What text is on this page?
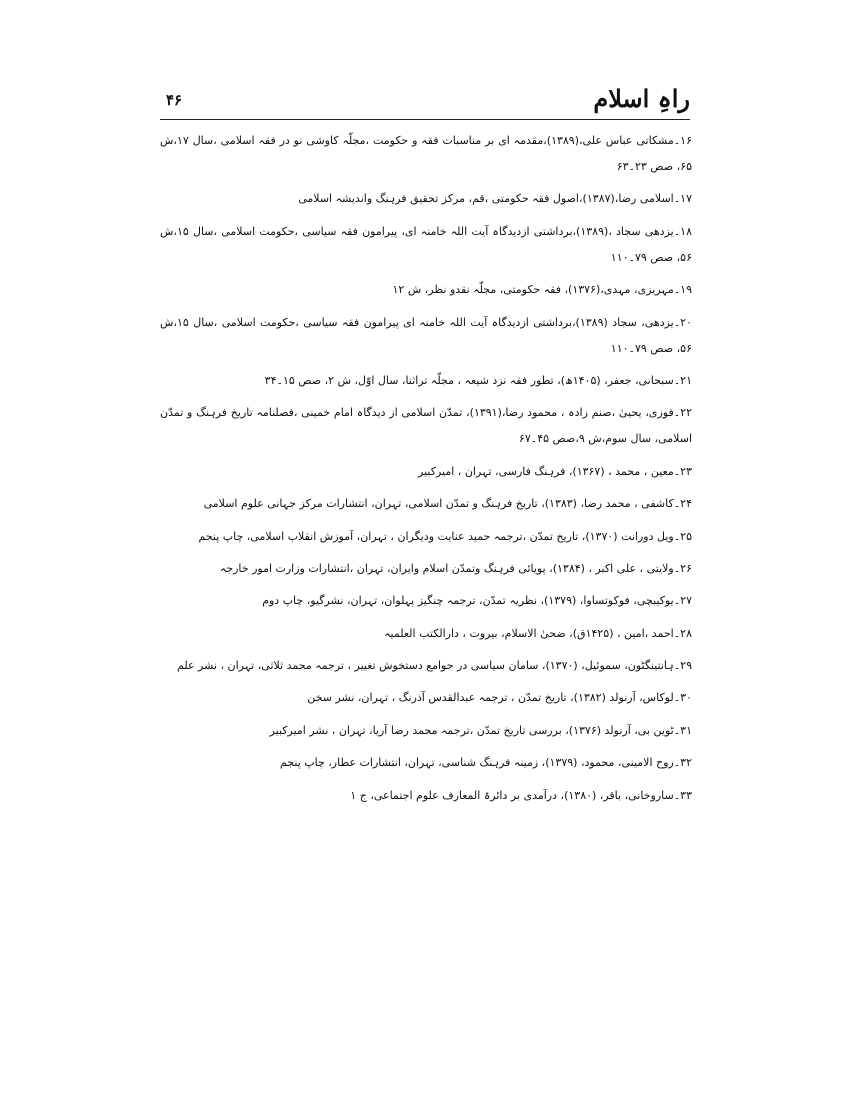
راہِ اسلام
۴۶
۱۶۔مشکاتی عباس علی،(۱۳۸۹)،مقدمہ ای بر مناسبات فقہ و حکومت ،مجلّہ کاوشی نو در فقہ اسلامی ،سال ۱۷،ش ۶۵، صص ۲۳۔۶۳
۱۷۔اسلامی رضا،(۱۳۸۷)،اصول فقہ حکومتی ،قم، مرکز تحقیق فرہنگ واندیشہ اسلامی
۱۸۔یزدھی سجاد ،(۱۳۸۹)،برداشتی ازدیدگاہ آیت اللہ خامنہ ای، پیرامون فقہ سیاسی ،حکومت اسلامی ،سال ۱۵،ش ۵۶، صص ۷۹۔۱۱۰
۱۹۔مہریزی، مہدی،(۱۳۷۶)، فقہ حکومتی، مجلّہ نقدو نظر، ش ۱۲
۲۰۔یزدھی، سجاد (۱۳۸۹)،برداشتی ازدیدگاہ آیت اللہ خامنہ ای پیرامون فقہ سیاسی ،حکومت اسلامی ،سال ۱۵،ش ۵۶، صص ۷۹۔۱۱۰
۲۱۔سبحانی، جعفر، (۱۴۰۵ھ)، تطور فقہ نزد شیعہ ، مجلّہ تراثنا، سال اوّل، ش ۲، صص ۱۵۔۳۴
۲۲۔فوزی، یحییٰ ،صنم زادہ ، محمود رضا،(۱۳۹۱)، تمدّن اسلامی از دیدگاہ امام خمینی ،فصلنامہ تاریخ فرہنگ و تمدّن اسلامی، سال سوم،ش ۹،صص ۴۵۔۶۷
۲۳۔معین ، محمد ، (۱۳۶۷)، فرہنگ فارسی، تہران ، امیرکبیر
۲۴۔کاشفی ، محمد رضا، (۱۳۸۳)، تاریخ فرہنگ و تمدّن اسلامی، تہران، انتشارات مرکز جہانی علوم اسلامی
۲۵۔ویل دورانت (۱۳۷۰)، تاریخ تمدّن ،ترجمہ حمید عنایت ودیگران ، تہران، آموزش انقلاب اسلامی، چاپ پنجم
۲۶۔ولایتی ، علی اکبر ، (۱۳۸۴)، پویائی فرہنگ وتمدّن اسلام وایران، تہران ،انتشارات وزارت امور خارجہ
۲۷۔یوکیبچی، فوکوتساوا، (۱۳۷۹)، نظریہ تمدّن، ترجمہ چنگیز پہلوان، تہران، نشرگیو، چاپ دوم
۲۸۔احمد ،امین ، (۱۴۲۵ق)، ضحیٰ الاسلام، بیروت ، دارالکتب العلمیہ
۲۹۔ہانتینگٹون، سموئیل، (۱۳۷۰)، سامان سیاسی در جوامع دستخوش تغییر ، ترجمہ محمد ثلاثی، تہران ، نشر علم
۳۰۔لوکاس، آرنولد (۱۳۸۲)، تاریخ تمدّن ، ترجمہ عبدالقدس آذرنگ ، تہران، نشر سخن
۳۱۔ٹوین بی، آرنولد (۱۳۷۶)، بررسی تاریخ تمدّن ،ترجمہ محمد رضا آریا، تہران ، نشر امیرکبیر
۳۲۔روح الامینی، محمود، (۱۳۷۹)، زمینہ فرہنگ شناسی، تہران، انتشارات عطار، چاپ پنجم
۳۳۔ساروخانی، باقر، (۱۳۸۰)، درآمدی بر دائرۃ المعارف علوم اجتماعی، ج ۱
